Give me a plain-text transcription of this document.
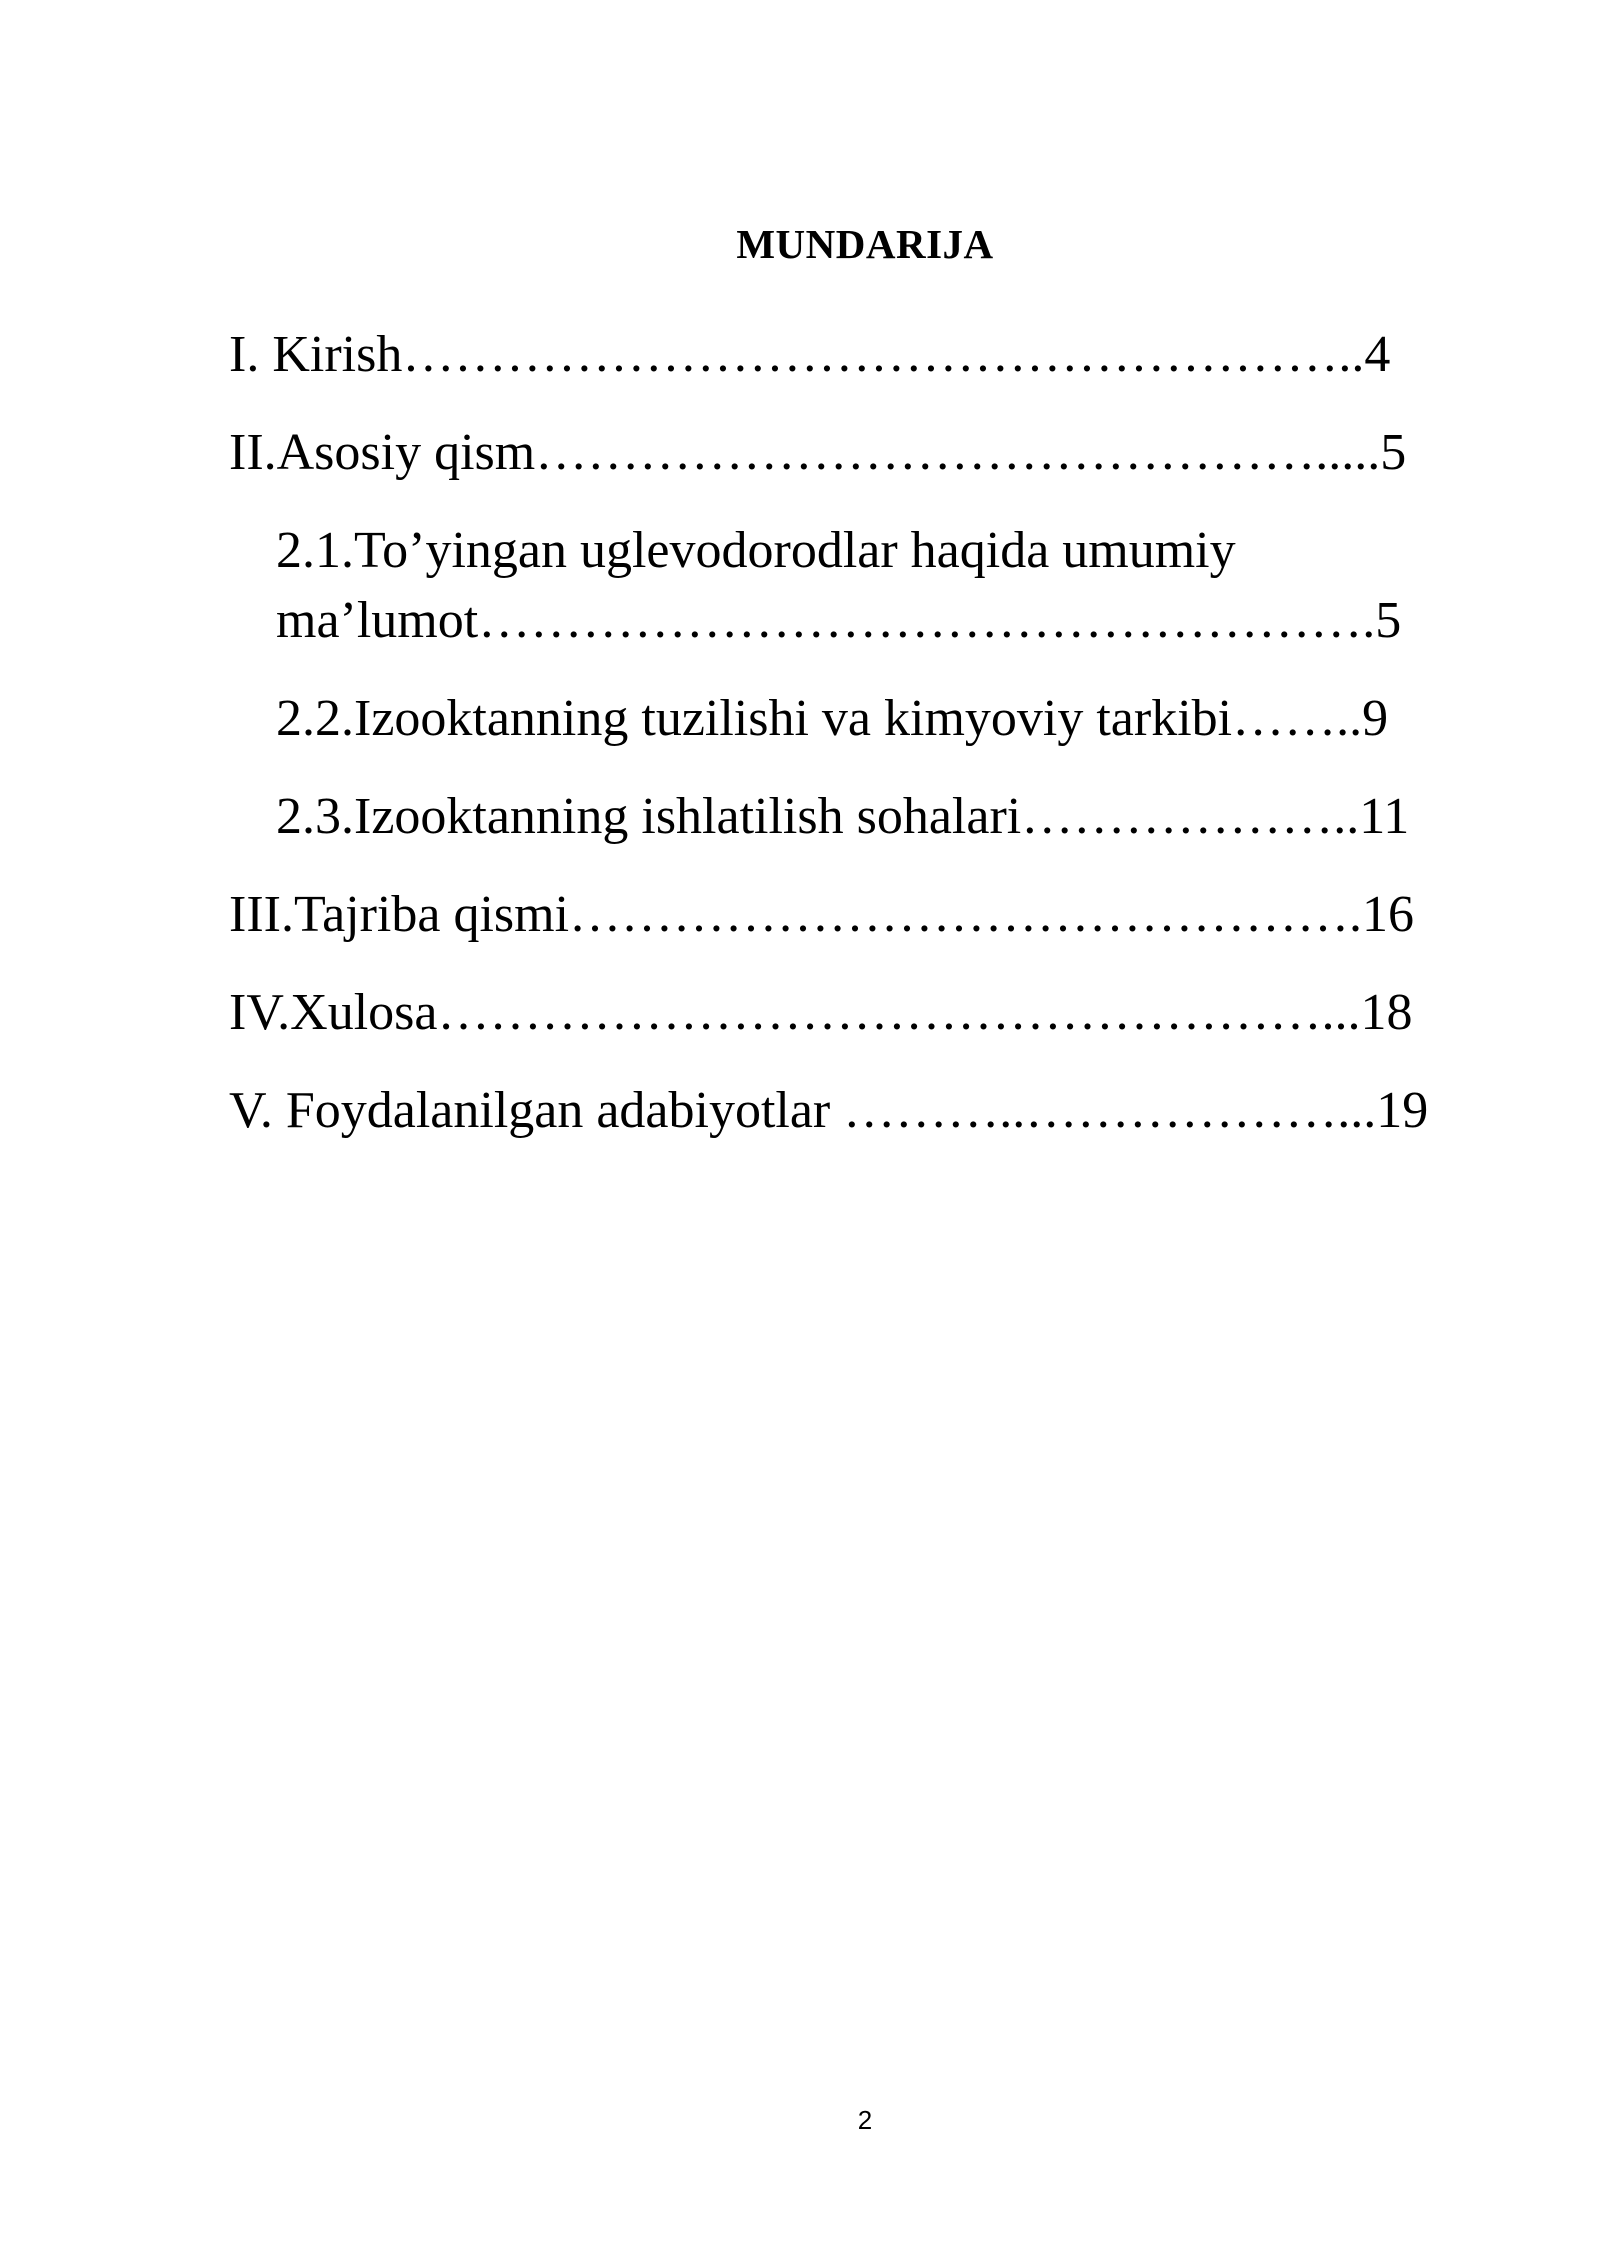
MUNDARIJA
I. Kirish………………………………………………..4
II.Asosiy qism……………………………………….....5
2.1.To’yingan uglevodorodlar haqida umumiy
ma’lumot…………………………………………….5
2.2.Izooktanning tuzilishi va kimyoviy tarkibi……..9
2.3.Izooktanning ishlatilish sohalari………………..11
III.Tajriba qismi……………………………………….16
IV.Xulosa……………………………………………...18
V. Foydalanilgan adabiyotlar ………..………………...19
2
